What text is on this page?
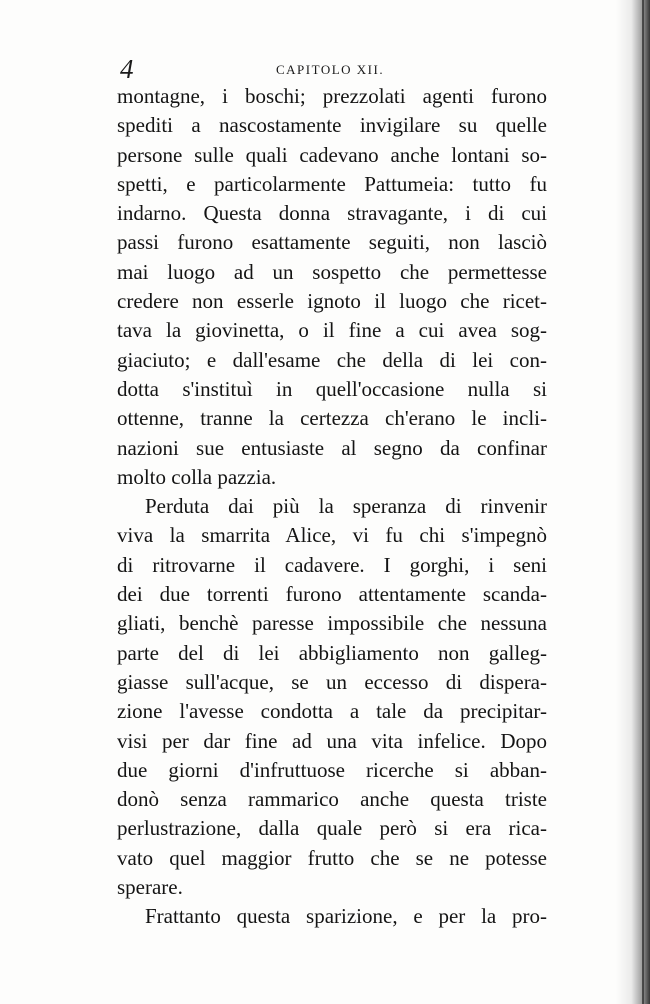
4	CAPITOLO XII.
montagne, i boschi; prezzolati agenti furono
spediti a nascostamente invigilare su quelle
persone sulle quali cadevano anche lontani so-
spetti, e particolarmente Pattumeia: tutto fu
indarno. Questa donna stravagante, i di cui
passi furono esattamente seguiti, non lasciò
mai luogo ad un sospetto che permettesse
credere non esserle ignoto il luogo che ricet-
tava la giovinetta, o il fine a cui avea sog-
giaciuto; e dall'esame che della di lei con-
dotta s'instituì in quell'occasione nulla si
ottenne, tranne la certezza ch'erano le incli-
nazioni sue entusiaste al segno da confinar
molto colla pazzia.
Perduta dai più la speranza di rinvenir
viva la smarrita Alice, vi fu chi s'impegnò
di ritrovarne il cadavere. I gorghi, i seni
dei due torrenti furono attentamente scanda-
gliati, benchè paresse impossibile che nessuna
parte del di lei abbigliamento non galleg-
giasse sull'acque, se un eccesso di dispera-
zione l'avesse condotta a tale da precipitar-
visi per dar fine ad una vita infelice. Dopo
due giorni d'infruttuose ricerche si abban-
donò senza rammarico anche questa triste
perlustrazione, dalla quale però si era rica-
vato quel maggior frutto che se ne potesse
sperare.
Frattanto questa sparizione, e per la pro-
